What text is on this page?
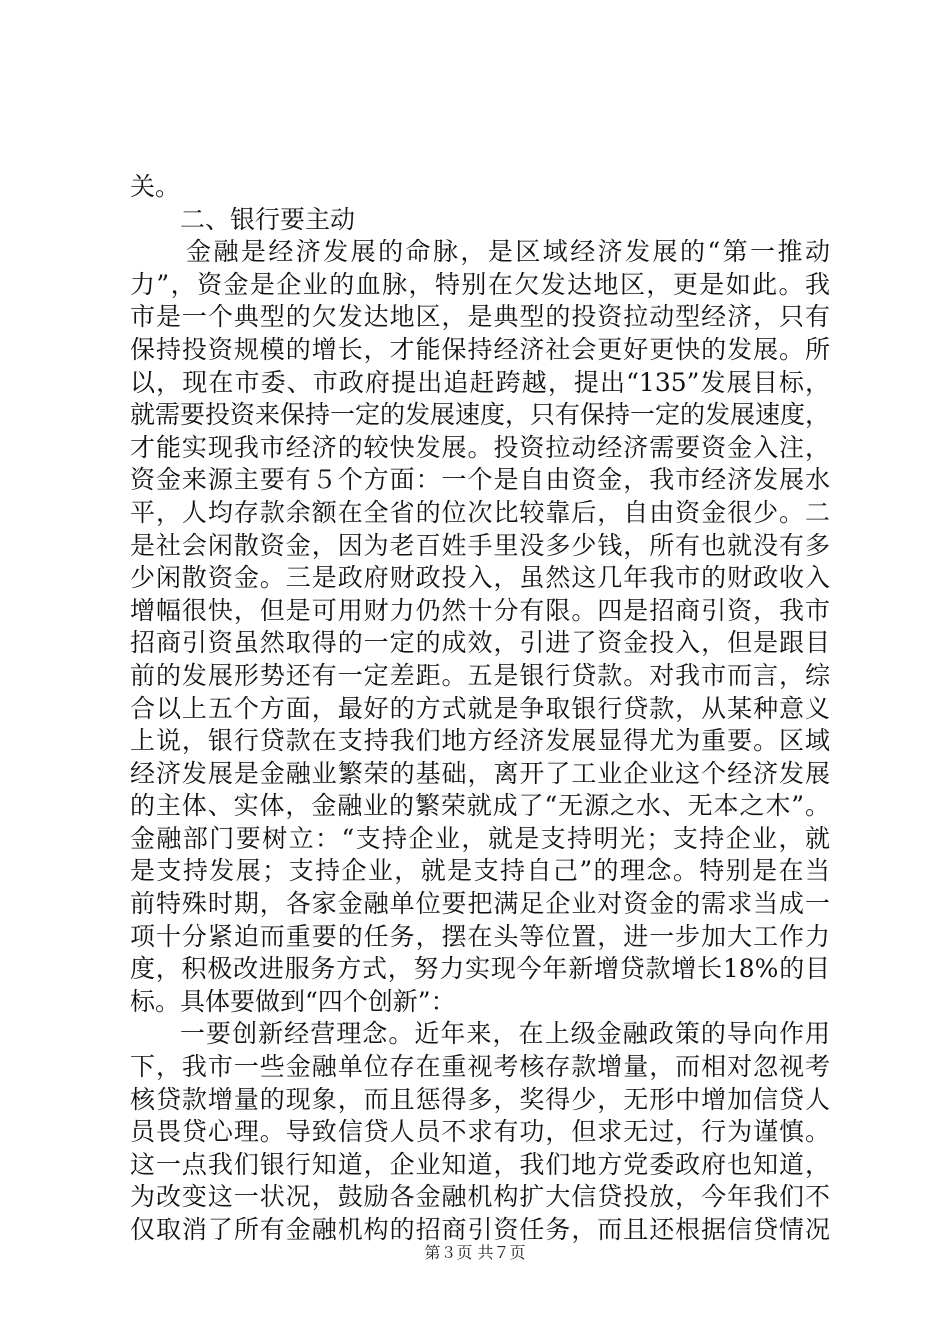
关。
二、银行要主动
金融是经济发展的命脉，是区域经济发展的“第一推动
力”，资金是企业的血脉，特别在欠发达地区，更是如此。我
市是一个典型的欠发达地区，是典型的投资拉动型经济，只有
保持投资规模的增长，才能保持经济社会更好更快的发展。所
以，现在市委、市政府提出追赶跨越，提出“135”发展目标，
就需要投资来保持一定的发展速度，只有保持一定的发展速度，
才能实现我市经济的较快发展。投资拉动经济需要资金入注，
资金来源主要有５个方面：一个是自由资金，我市经济发展水
平，人均存款余额在全省的位次比较靠后，自由资金很少。二
是社会闲散资金，因为老百姓手里没多少钱，所有也就没有多
少闲散资金。三是政府财政投入，虽然这几年我市的财政收入
增幅很快，但是可用财力仍然十分有限。四是招商引资，我市
招商引资虽然取得的一定的成效，引进了资金投入，但是跟目
前的发展形势还有一定差距。五是银行贷款。对我市而言，综
合以上五个方面，最好的方式就是争取银行贷款，从某种意义
上说，银行贷款在支持我们地方经济发展显得尤为重要。区域
经济发展是金融业繁荣的基础，离开了工业企业这个经济发展
的主体、实体，金融业的繁荣就成了“无源之水、无本之木”。
金融部门要树立：“支持企业，就是支持明光；支持企业，就
是支持发展；支持企业，就是支持自己”的理念。特别是在当
前特殊时期，各家金融单位要把满足企业对资金的需求当成一
项十分紧迫而重要的任务，摆在头等位置，进一步加大工作力
度，积极改进服务方式，努力实现今年新增贷款增长18%的目
标。具体要做到“四个创新”：
一要创新经营理念。近年来，在上级金融政策的导向作用
下，我市一些金融单位存在重视考核存款增量，而相对忽视考
核贷款增量的现象，而且惩得多，奖得少，无形中增加信贷人
员畏贷心理。导致信贷人员不求有功，但求无过，行为谨慎。
这一点我们银行知道，企业知道，我们地方党委政府也知道，
为改变这一状况，鼓励各金融机构扩大信贷投放，今年我们不
仅取消了所有金融机构的招商引资任务，而且还根据信贷情况
第３页 共７页
